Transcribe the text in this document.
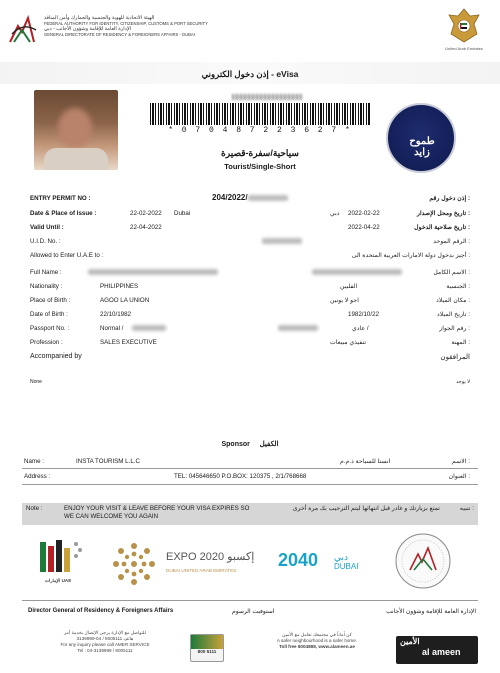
الهيئة الاتحادية للهوية والجنسية والجمارك وأمن المنافذ
FEDERAL AUTHORITY FOR IDENTITY, CITIZENSHIP, CUSTOMS & PORT SECURITY
الإدارة العامة للإقامة وشؤون الأجانب - دبي
GENERAL DIRECTORATE OF RESIDENCY & FOREIGNERS AFFAIRS - DUBAI
United Arab Emirates
إذن دخول الكتروني - eVisa
* 0 7 0 4 8 7 2 2 3 6 2 7 *
سياحية/سفرة-قصيرة
Tourist/Single-Short
طموح
زايد
ENTRY PERMIT NO :	204/2022/	إذن دخول رقم :
Date & Place of Issue :	22-02-2022 Dubai	دبي 2022-02-22	تاريخ ومحل الإصدار :
Valid Until :	22-04-2022	2022-04-22	تاريخ صلاحية الدخول :
U.I.D. No. :	الرقم الموحد :
Allowed to Enter U.A.E to :	أجيز بدخول دولة الامارات العربية المتحدة الى :
Full Name :	الاسم الكامل :
Nationality :	PHILIPPINES	الفلبين	الجنسية :
Place of Birth :	AGOO LA UNION	اجو لا يونين	مكان الميلاد :
Date of Birth :	22/10/1982	1982/10/22	تاريخ الميلاد :
Passport No. :	Normal /	عادي /	رقم الجواز :
Profession :	SALES EXECUTIVE	تنفيذي مبيعات	المهنة :
Accompanied by	المرافقون
None	لا يوجد
Sponsor الكفيل
Name :	INSTA TOURISM L.L.C	انستا للسياحة ذ.م.م	الاسم :
Address :	TEL: 045646650 P.O.BOX: 120375 , 2/1/768668	العنوان :
Note :	ENJOY YOUR VISIT & LEAVE BEFORE YOUR VISA EXPIRES SO WE CAN WELCOME YOU AGAIN
تمتع بزيارتك و غادر قبل انتهائها ليتم الترحيب بك مرة أخرى	تنبيه :
الإمارات UAE
EXPO 2020 إكسبو
DUBAI UNITED ARAB EMIRATES
2040 دبي
DUBAI
Director General of Residency & Foreigners Affairs	استوفيت الرسوم	الإدارة العامة للإقامة وشؤون الأجانب
للتواصل مع الإدارة يرجى الإتصال بخدمة آمر
هاتف 8005111 / 04-3139999
For any inquiry please call AMER SERVICE
Tel : 04-3139999 / 8005111	800 5111
كن أماناً في مجتمعك تعامل مع الأمين
A safer neighbourhood is a safer home.
Toll free 8004888, www.alameen.ae
الأمين
al ameen
